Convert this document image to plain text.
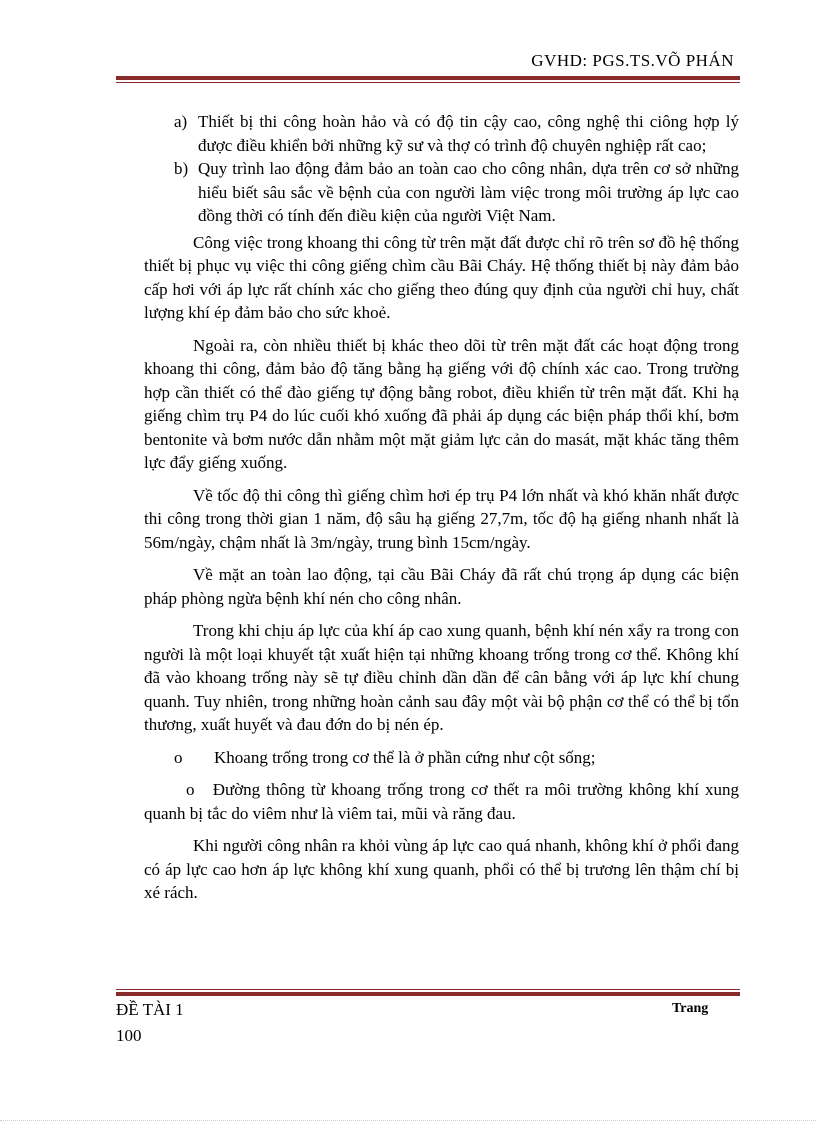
GVHD: PGS.TS.VÕ PHÁN
a) Thiết bị thi công hoàn hảo và có độ tin cậy cao, công nghệ thi ciông hợp lý được điều khiển bởi những kỹ sư và thợ có trình độ chuyên nghiệp rất cao;
b) Quy trình lao động đảm bảo an toàn cao cho công nhân, dựa trên cơ sở những hiểu biết sâu sắc về bệnh của con người làm việc trong môi trường áp lực cao đồng thời có tính đến điều kiện của người Việt Nam.

Công việc trong khoang thi công từ trên mặt đất được chỉ rõ trên sơ đồ hệ thống thiết bị phục vụ việc thi công giếng chìm cầu Bãi Cháy. Hệ thống thiết bị này đảm bảo cấp hơi với áp lực rất chính xác cho giếng theo đúng quy định của người chỉ huy, chất lượng khí ép đảm bảo cho sức khoẻ.

Ngoài ra, còn nhiều thiết bị khác theo dõi từ trên mặt đất các hoạt động trong khoang thi công, đảm bảo độ tăng bằng hạ giếng với độ chính xác cao. Trong trường hợp cần thiết có thể đào giếng tự động bằng robot, điều khiển từ trên mặt đất. Khi hạ giếng chìm trụ P4 do lúc cuối khó xuống đã phải áp dụng các biện pháp thổi khí, bơm bentonite và bơm nước dẫn nhằm một mặt giảm lực cản do masát, mặt khác tăng thêm lực đẩy giếng xuống.

Về tốc độ thi công thì giếng chìm hơi ép trụ P4 lớn nhất và khó khăn nhất được thi công trong thời gian 1 năm, độ sâu hạ giếng 27,7m, tốc độ hạ giếng nhanh nhất là 56m/ngày, chậm nhất là 3m/ngày, trung bình 15cm/ngày.

Về mặt an toàn lao động, tại cầu Bãi Cháy đã rất chú trọng áp dụng các biện pháp phòng ngừa bệnh khí nén cho công nhân.

Trong khi chịu áp lực của khí áp cao xung quanh, bệnh khí nén xẩy ra trong con người là một loại khuyết tật xuất hiện tại những khoang trống trong cơ thể. Không khí đã vào khoang trống này sẽ tự điều chỉnh dần dần để cân bằng với áp lực khí chung quanh. Tuy nhiên, trong những hoàn cảnh sau đây một vài bộ phận cơ thể có thể bị tổn thương, xuất huyết và đau đớn do bị nén ép.

o	Khoang trống trong cơ thể là ở phần cứng như cột sống;
o Đường thông từ khoang trống trong cơ thết ra môi trường không khí xung quanh bị tắc do viêm như là viêm tai, mũi và răng đau.

Khi người công nhân ra khỏi vùng áp lực cao quá nhanh, không khí ở phổi đang có áp lực cao hơn áp lực không khí xung quanh, phổi có thể bị trương lên thậm chí bị xé rách.

ĐỀ TÀI 1	Trang
100
